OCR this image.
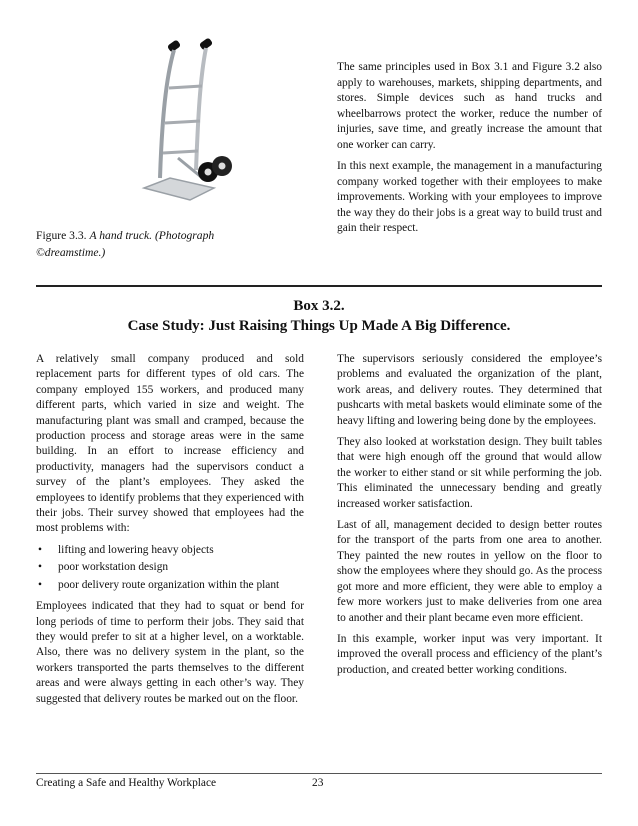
Figure 3.3. A hand truck. (Photograph
©dreamstime.)

The same principles used in Box 3.1 and Figure 3.2 also apply to warehouses, markets, shipping departments, and stores. Simple devices such as hand trucks and wheelbarrows protect the worker, reduce the number of injuries, save time, and greatly increase the amount that one worker can carry.

In this next example, the management in a manufacturing company worked together with their employees to make improvements. Working with your employees to improve the way they do their jobs is a great way to build trust and gain their respect.

Box 3.2.
Case Study: Just Raising Things Up Made A Big Difference.

A relatively small company produced and sold replacement parts for different types of old cars. The company employed 155 workers, and produced many different parts, which varied in size and weight. The manufacturing plant was small and cramped, because the production process and storage areas were in the same building. In an effort to increase efficiency and productivity, managers had the supervisors conduct a survey of the plant’s employees. They asked the employees to identify problems that they experienced with their jobs. Their survey showed that employees had the most problems with:

• lifting and lowering heavy objects
• poor workstation design
• poor delivery route organization within the plant

Employees indicated that they had to squat or bend for long periods of time to perform their jobs. They said that they would prefer to sit at a higher level, on a worktable. Also, there was no delivery system in the plant, so the workers transported the parts themselves to the different areas and were always getting in each other’s way. They suggested that delivery routes be marked out on the floor.

The supervisors seriously considered the employee’s problems and evaluated the organization of the plant, work areas, and delivery routes. They determined that pushcarts with metal baskets would eliminate some of the heavy lifting and lowering being done by the employees.

They also looked at workstation design. They built tables that were high enough off the ground that would allow the worker to either stand or sit while performing the job. This eliminated the unnecessary bending and greatly increased worker satisfaction.

Last of all, management decided to design better routes for the transport of the parts from one area to another. They painted the new routes in yellow on the floor to show the employees where they should go. As the process got more and more efficient, they were able to employ a few more workers just to make deliveries from one area to another and their plant became even more efficient.

In this example, worker input was very important. It improved the overall process and efficiency of the plant’s production, and created better working conditions.

Creating a Safe and Healthy Workplace	23
